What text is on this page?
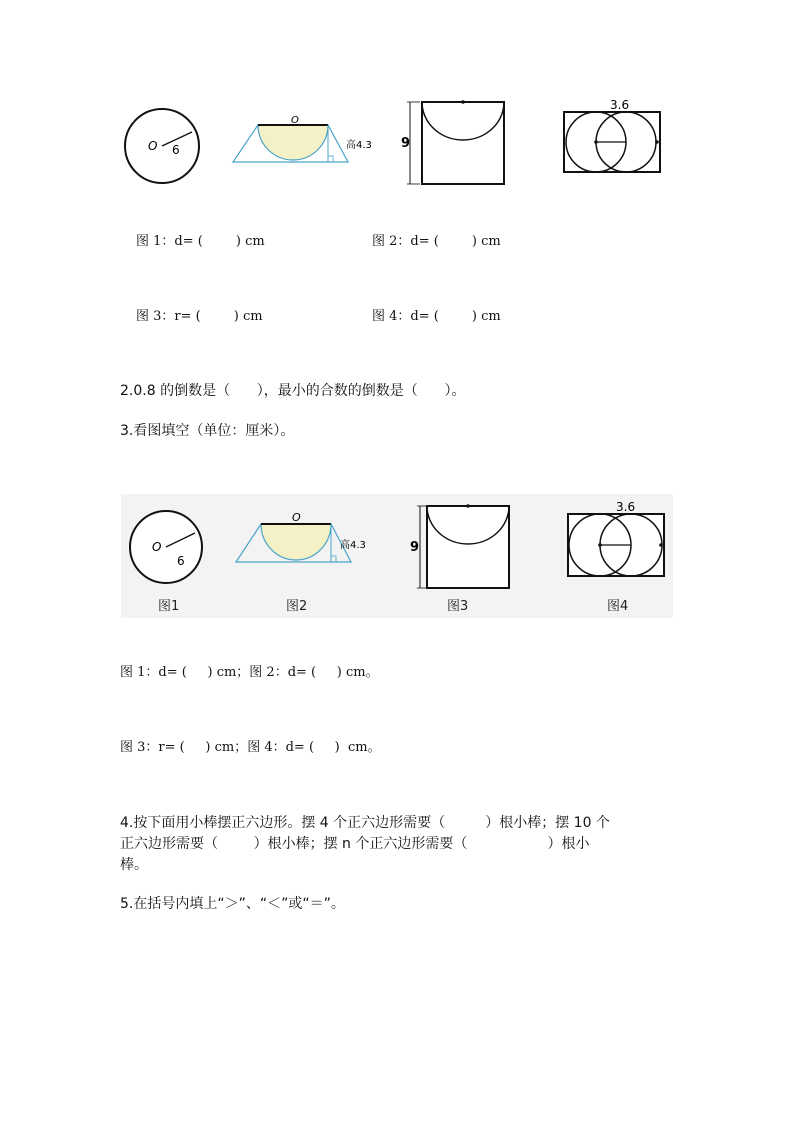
O 6
O
高4.3 9
3.6
图 1：d= (        ) cm	图 2：d= (        ) cm
图 3：r= (        ) cm	图 4：d= (        ) cm
2.0.8 的倒数是（      ），最小的合数的倒数是（      ）。
3.看图填空（单位：厘米）。
O
6
图1
O
高4.3
图2
9
图3
3.6
图4
图 1：d= (     ) cm；图 2：d= (     ) cm。
图 3：r= (     ) cm；图 4：d= (     )  cm。
4.按下面用小棒摆正六边形。摆 4 个正六边形需要（         ）根小棒；摆 10 个
正六边形需要（        ）根小棒；摆 n 个正六边形需要（                  ）根小
棒。
5.在括号内填上“＞”、“＜”或“＝”。
